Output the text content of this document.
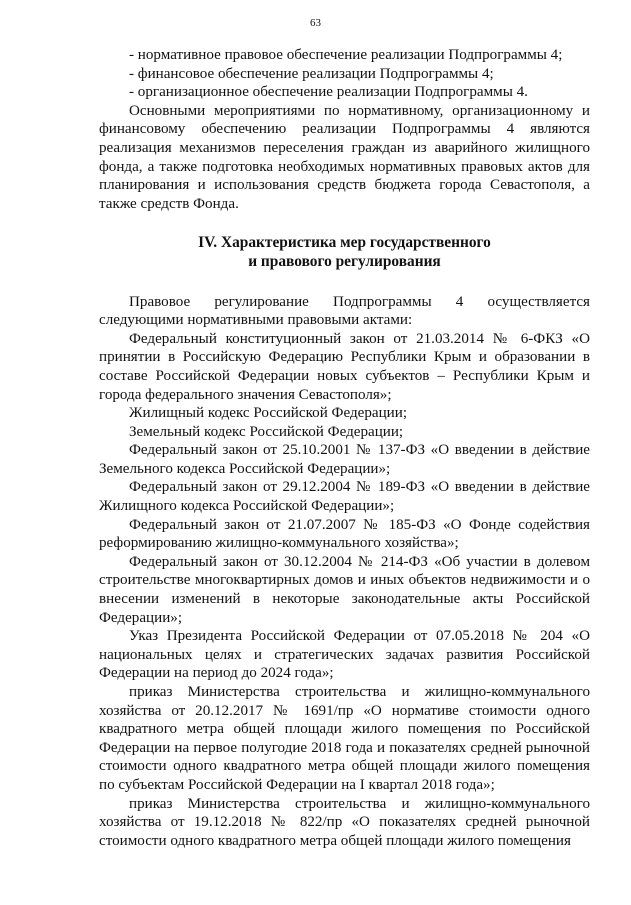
63

- нормативное правовое обеспечение реализации Подпрограммы 4;

- финансовое обеспечение реализации Подпрограммы 4;

- организационное обеспечение реализации Подпрограммы 4.

Основными мероприятиями по нормативному, организационному и финансовому обеспечению реализации Подпрограммы 4 являются реализация механизмов переселения граждан из аварийного жилищного фонда, а также подготовка необходимых нормативных правовых актов для планирования и использования средств бюджета города Севастополя, а также средств Фонда.

IV. Характеристика мер государственного
и правового регулирования

Правовое регулирование Подпрограммы 4 осуществляется следующими нормативными правовыми актами:

Федеральный конституционный закон от 21.03.2014 № 6-ФКЗ «О принятии в Российскую Федерацию Республики Крым и образовании в составе Российской Федерации новых субъектов – Республики Крым и города федерального значения Севастополя»;

Жилищный кодекс Российской Федерации;

Земельный кодекс Российской Федерации;

Федеральный закон от 25.10.2001 № 137-ФЗ «О введении в действие Земельного кодекса Российской Федерации»;

Федеральный закон от 29.12.2004 № 189-ФЗ «О введении в действие Жилищного кодекса Российской Федерации»;

Федеральный закон от 21.07.2007 № 185-ФЗ «О Фонде содействия реформированию жилищно-коммунального хозяйства»;

Федеральный закон от 30.12.2004 № 214-ФЗ «Об участии в долевом строительстве многоквартирных домов и иных объектов недвижимости и о внесении изменений в некоторые законодательные акты Российской Федерации»;

Указ Президента Российской Федерации от 07.05.2018 № 204 «О национальных целях и стратегических задачах развития Российской Федерации на период до 2024 года»;

приказ Министерства строительства и жилищно-коммунального хозяйства от 20.12.2017 № 1691/пр «О нормативе стоимости одного квадратного метра общей площади жилого помещения по Российской Федерации на первое полугодие 2018 года и показателях средней рыночной стоимости одного квадратного метра общей площади жилого помещения по субъектам Российской Федерации на I квартал 2018 года»;

приказ Министерства строительства и жилищно-коммунального хозяйства от 19.12.2018 № 822/пр «О показателях средней рыночной стоимости одного квадратного метра общей площади жилого помещения
